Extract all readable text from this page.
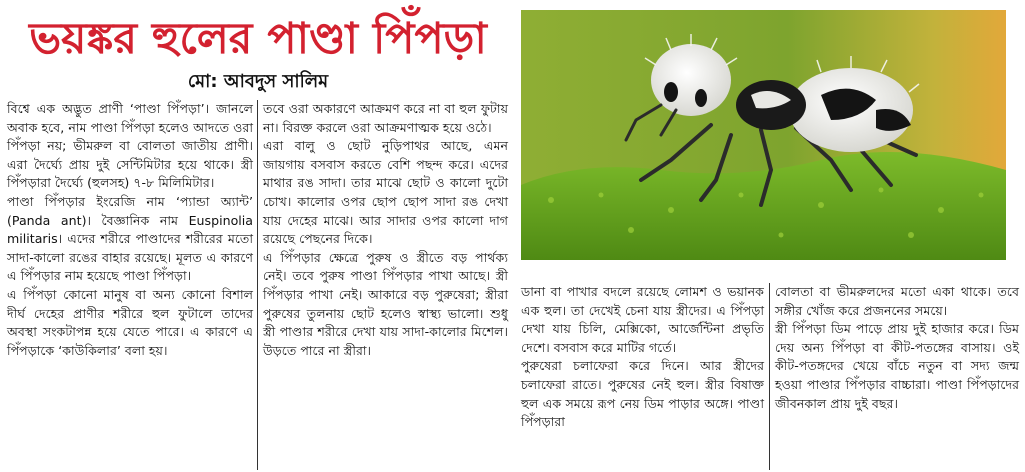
ভয়ঙ্কর হুলের পাণ্ডা পিঁপড়া
মো: আবদুস সালিম

বিশ্বে এক অদ্ভুত প্রাণী ‘পাণ্ডা পিঁপড়া’। জানলে অবাক হবে, নাম পাণ্ডা পিঁপড়া হলেও আদতে ওরা পিঁপড়া নয়; ভীমরুল বা বোলতা জাতীয় প্রাণী। এরা দৈর্ঘ্যে প্রায় দুই সেন্টিমিটার হয়ে থাকে। স্ত্রী পিঁপড়ারা দৈর্ঘ্যে (হুলসহ) ৭-৮ মিলিমিটার।

পাণ্ডা পিঁপড়ার ইংরেজি নাম ‘প্যান্ডা অ্যান্ট’ (Panda ant)। বৈজ্ঞানিক নাম Euspinolia militaris। এদের শরীরে পাণ্ডাদের শরীরের মতো সাদা-কালো রঙের বাহার রয়েছে। মূলত এ কারণে এ পিঁপড়ার নাম হয়েছে পাণ্ডা পিঁপড়া।

এ পিঁপড়া কোনো মানুষ বা অন্য কোনো বিশাল দীর্ঘ দেহের প্রাণীর শরীরে হুল ফুটালে তাদের অবস্থা সংকটাপন্ন হয়ে যেতে পারে। এ কারণে এ পিঁপড়াকে ‘কাউকিলার’ বলা হয়।

তবে ওরা অকারণে আক্রমণ করে না বা হুল ফুটায় না। বিরক্ত করলে ওরা আক্রমণাত্মক হয়ে ওঠে।

এরা বালু ও ছোট নুড়িপাথর আছে, এমন জায়গায় বসবাস করতে বেশি পছন্দ করে। এদের মাথার রঙ সাদা। তার মাঝে ছোট ও কালো দুটো চোখ। কালোর ওপর ছোপ ছোপ সাদা রঙ দেখা যায় দেহের মাঝে। আর সাদার ওপর কালো দাগ রয়েছে পেছনের দিকে।

এ পিঁপড়ার ক্ষেত্রে পুরুষ ও স্ত্রীতে বড় পার্থক্য নেই। তবে পুরুষ পাণ্ডা পিঁপড়ার পাখা আছে। স্ত্রী পিঁপড়ার পাখা নেই। আকারে বড় পুরুষেরা; স্ত্রীরা পুরুষের তুলনায় ছোট হলেও স্বাস্থ্য ভালো। শুধু স্ত্রী পাণ্ডার শরীরে দেখা যায় সাদা-কালোর মিশেল। উড়তে পারে না স্ত্রীরা।

ডানা বা পাখার বদলে রয়েছে লোমশ ও ভয়ানক এক হুল। তা দেখেই চেনা যায় স্ত্রীদের। এ পিঁপড়া দেখা যায় চিলি, মেক্সিকো, আর্জেন্টিনা প্রভৃতি দেশে। বসবাস করে মাটির গর্তে।

পুরুষেরা চলাফেরা করে দিনে। আর স্ত্রীদের চলাফেরা রাতে। পুরুষের নেই হুল। স্ত্রীর বিষাক্ত হুল এক সময়ে রূপ নেয় ডিম পাড়ার অঙ্গে। পাণ্ডা পিঁপড়ারা

বোলতা বা ভীমরুলদের মতো একা থাকে। তবে সঙ্গীর খোঁজ করে প্রজননের সময়ে।

স্ত্রী পিঁপড়া ডিম পাড়ে প্রায় দুই হাজার করে। ডিম দেয় অন্য পিঁপড়া বা কীট-পতঙ্গের বাসায়। ওই কীট-পতঙ্গদের খেয়ে বাঁচে নতুন বা সদ্য জন্ম হওয়া পাণ্ডার পিঁপড়ার বাচ্চারা। পাণ্ডা পিঁপড়াদের জীবনকাল প্রায় দুই বছর।
